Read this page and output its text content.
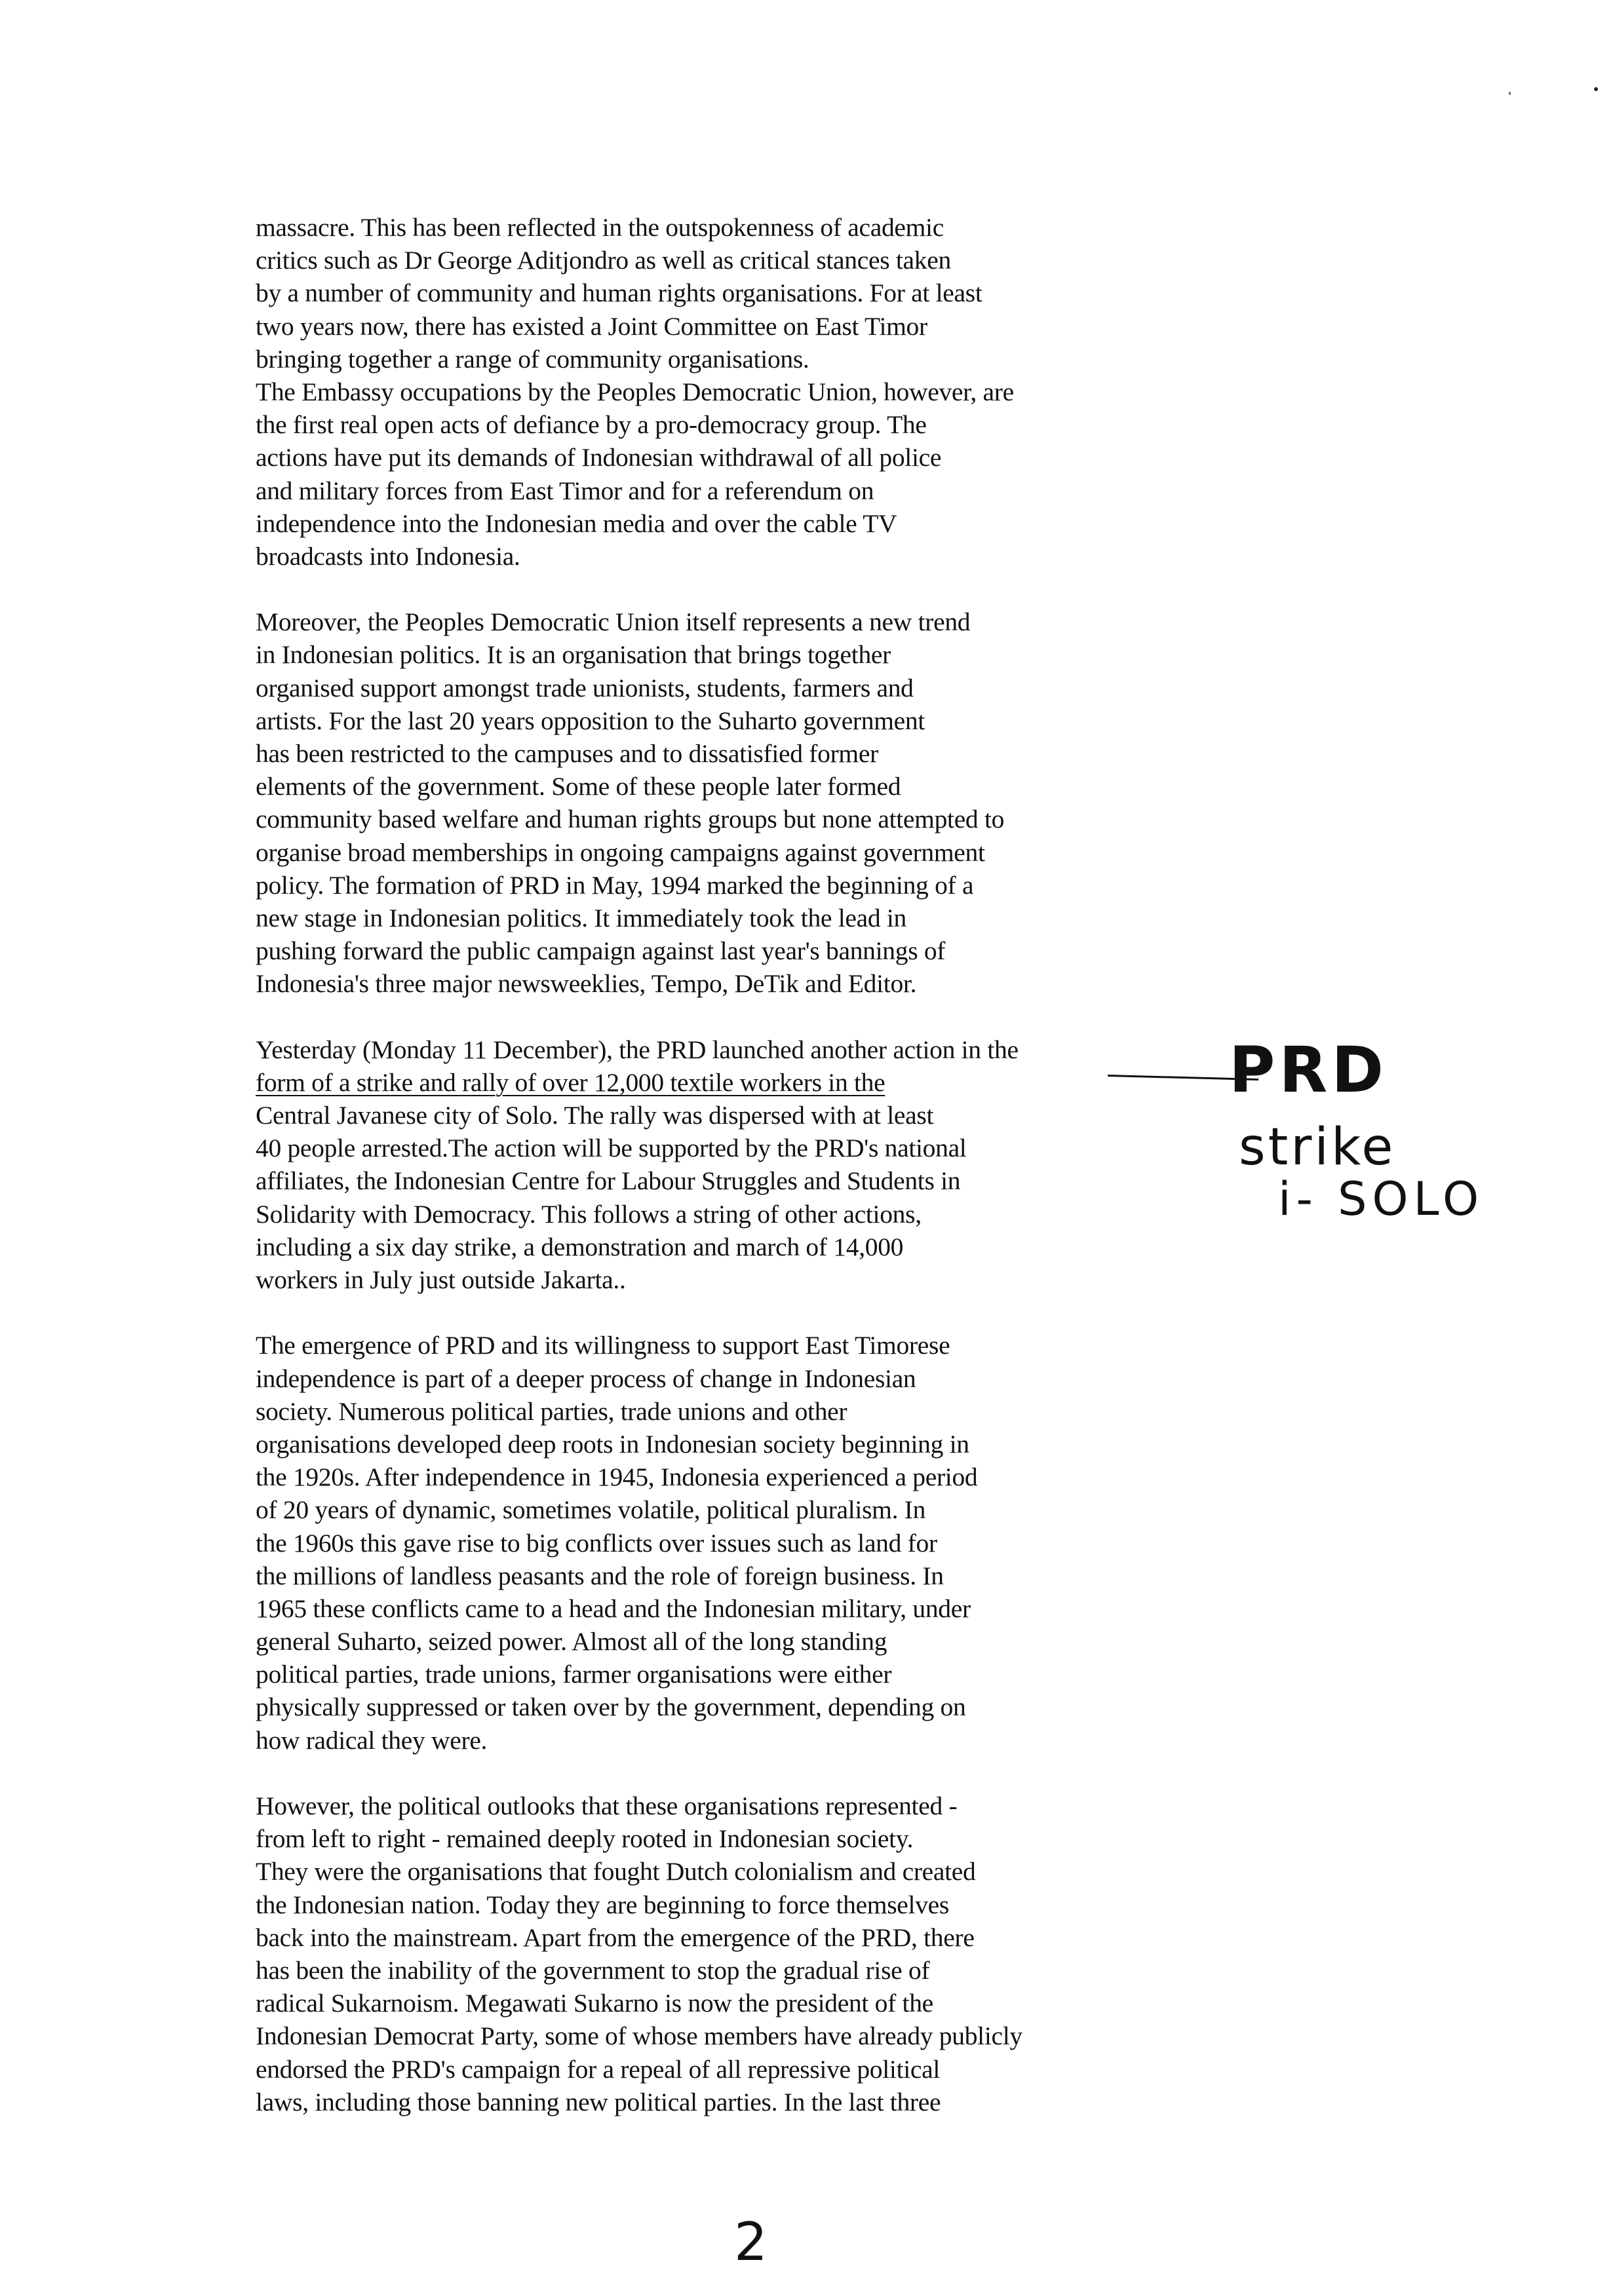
massacre. This has been reflected in the outspokenness of academic
critics such as Dr George Aditjondro as well as critical stances taken
by a number of community and human rights organisations. For at least
two years now, there has existed a Joint Committee on East Timor
bringing together a range of community organisations.
The Embassy occupations by the Peoples Democratic Union, however, are
the first real open acts of defiance by a pro-democracy group. The
actions have put its demands of Indonesian withdrawal of all police
and military forces from East Timor and for a referendum on
independence into the Indonesian media and over the cable TV
broadcasts into Indonesia.
Moreover, the Peoples Democratic Union itself represents a new trend
in Indonesian politics. It is an organisation that brings together
organised support amongst trade unionists, students, farmers and
artists. For the last 20 years opposition to the Suharto government
has been restricted to the campuses and to dissatisfied former
elements of the government. Some of these people later formed
community based welfare and human rights groups but none attempted to
organise broad memberships in ongoing campaigns against government
policy. The formation of PRD in May, 1994 marked the beginning of a
new stage in Indonesian politics. It immediately took the lead in
pushing forward the public campaign against last year's bannings of
Indonesia's three major newsweeklies, Tempo, DeTik and Editor.
Yesterday (Monday 11 December), the PRD launched another action in the
form of a strike and rally of over 12,000 textile workers in the
Central Javanese city of Solo. The rally was dispersed with at least
40 people arrested.The action will be supported by the PRD's national
affiliates, the Indonesian Centre for Labour Struggles and Students in
Solidarity with Democracy. This follows a string of other actions,
including a six day strike, a demonstration and march of 14,000
workers in July just outside Jakarta..
The emergence of PRD and its willingness to support East Timorese
independence is part of a deeper process of change in Indonesian
society. Numerous political parties, trade unions and other
organisations developed deep roots in Indonesian society beginning in
the 1920s. After independence in 1945, Indonesia experienced a period
of 20 years of dynamic, sometimes volatile, political pluralism. In
the 1960s this gave rise to big conflicts over issues such as land for
the millions of landless peasants and the role of foreign business. In
1965 these conflicts came to a head and the Indonesian military, under
general Suharto, seized power. Almost all of the long standing
political parties, trade unions, farmer organisations were either
physically suppressed or taken over by the government, depending on
how radical they were.
However, the political outlooks that these organisations represented -
from left to right - remained deeply rooted in Indonesian society.
They were the organisations that fought Dutch colonialism and created
the Indonesian nation. Today they are beginning to force themselves
back into the mainstream. Apart from the emergence of the PRD, there
has been the inability of the government to stop the gradual rise of
radical Sukarnoism. Megawati Sukarno is now the president of the
Indonesian Democrat Party, some of whose members have already publicly
endorsed the PRD's campaign for a repeal of all repressive political
laws, including those banning new political parties. In the last three
PRD
strike
i- SOLO
2
